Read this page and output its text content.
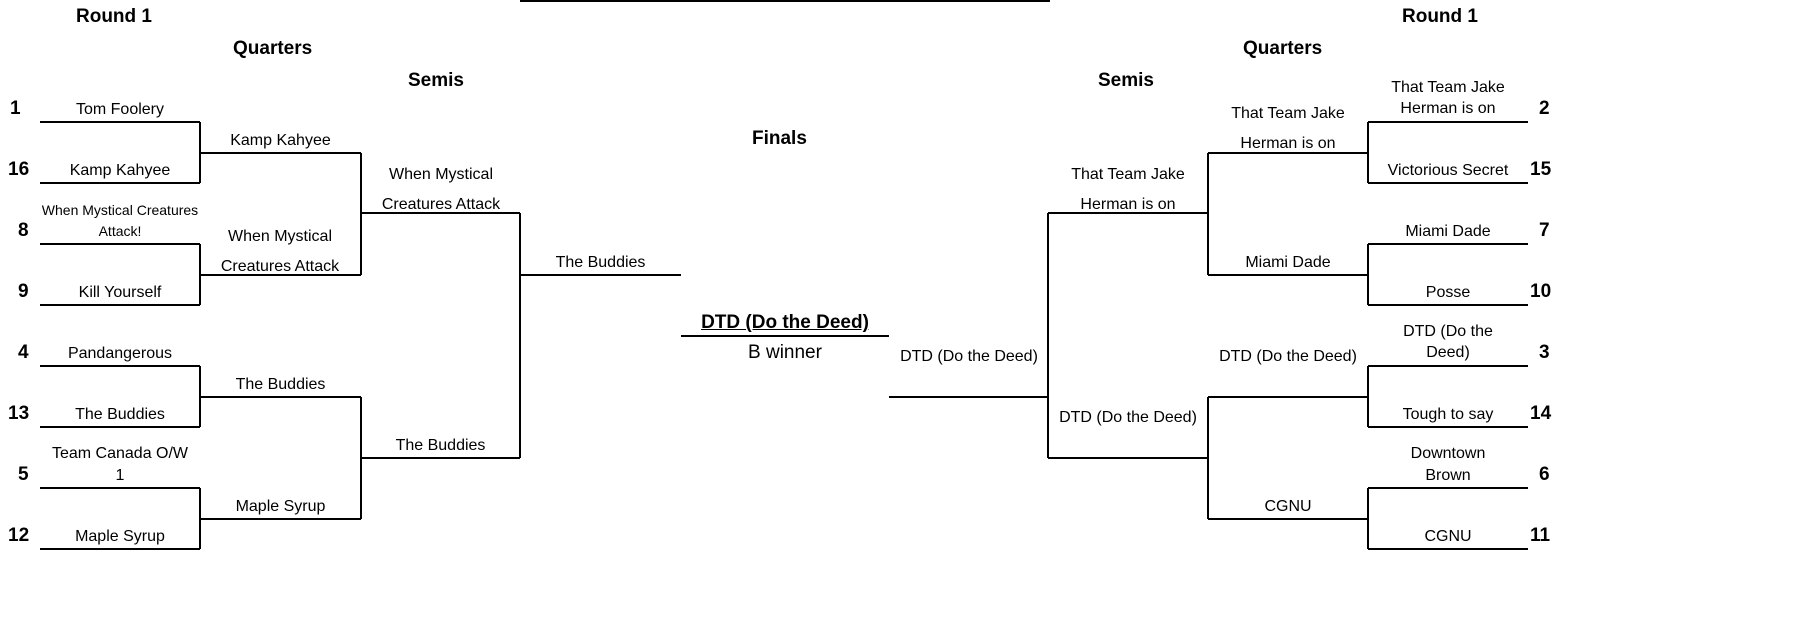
Round 1
Quarters
Semis
Finals
Semis
Quarters
Round 1
1
16
8
9
4
13
5
12
Tom Foolery
Kamp Kahyee
When Mystical Creatures Attack!
Kill Yourself
Pandangerous
The Buddies
Team Canada O/W 1
Maple Syrup
Kamp Kahyee
When Mystical Creatures Attack
The Buddies
Maple Syrup
When Mystical Creatures Attack
The Buddies
The Buddies
DTD (Do the Deed)
B winner	DTD (Do the Deed)
That Team Jake Herman is on
DTD (Do the Deed)
That Team Jake Herman is on
Miami Dade
DTD (Do the Deed)
CGNU
That Team Jake Herman is on
Victorious Secret
Miami Dade
Posse
DTD (Do the Deed)
Tough to say
Downtown Brown
CGNU
2
15
7
10
3
14
6
11
